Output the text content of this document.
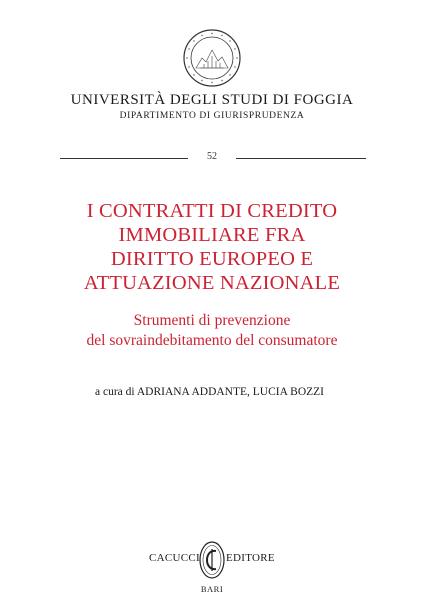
UNIVERSITÀ DEGLI STUDI DI FOGGIA
DIPARTIMENTO DI GIURISPRUDENZA
52
I CONTRATTI DI CREDITO
IMMOBILIARE FRA
DIRITTO EUROPEO E
ATTUAZIONE NAZIONALE
Strumenti di prevenzione
del sovraindebitamento del consumatore
a cura di ADRIANA ADDANTE, LUCIA BOZZI
CACUCCI EDITORE
BARI
